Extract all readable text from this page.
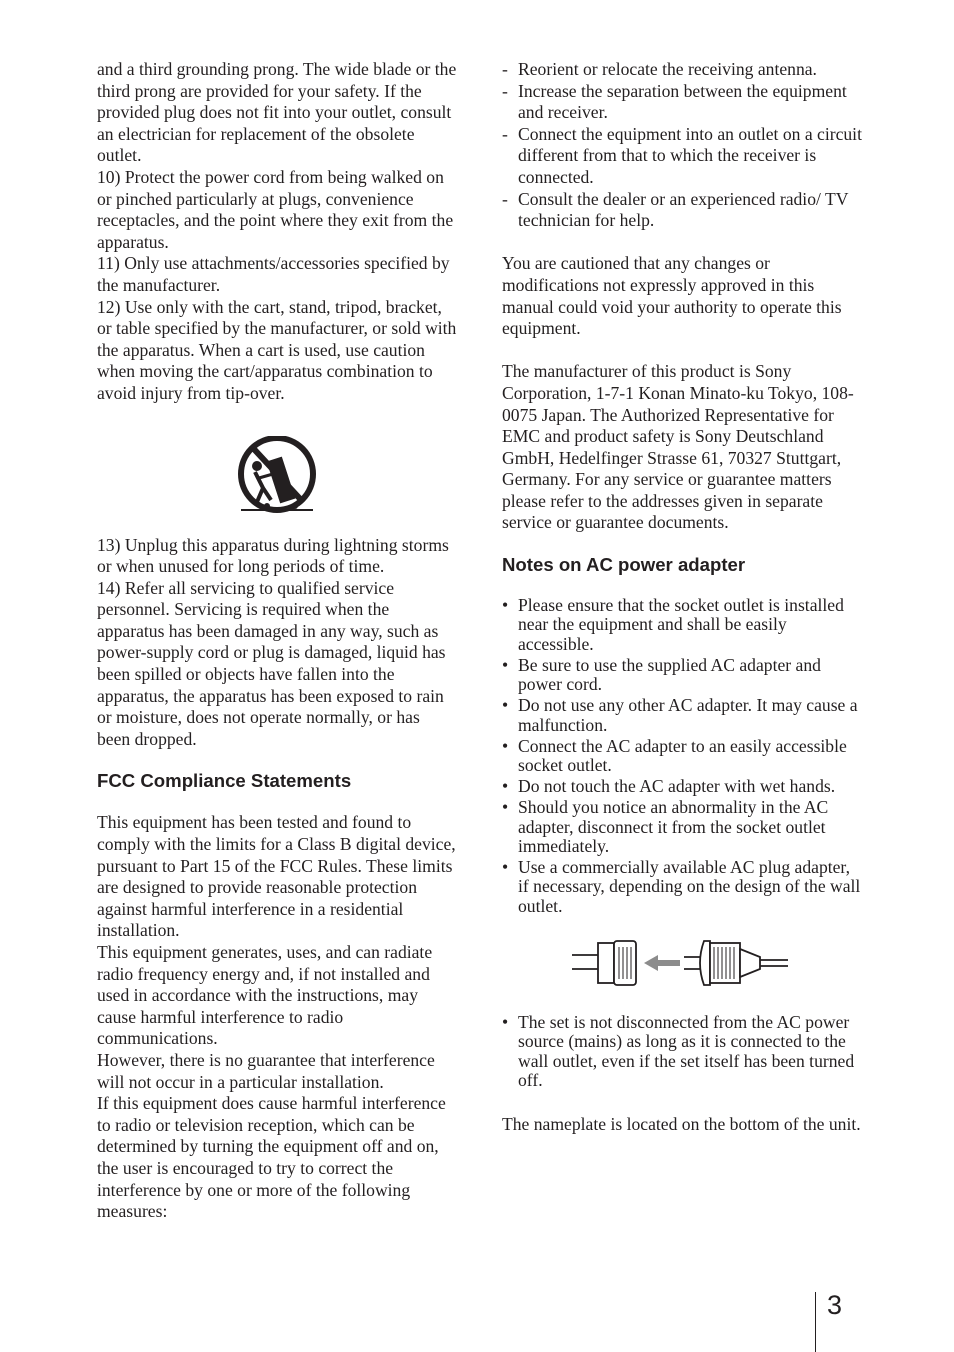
and a third grounding prong. The wide blade or the third prong are provided for your safety. If the provided plug does not fit into your outlet, consult an electrician for replacement of the obsolete outlet.

10) Protect the power cord from being walked on or pinched particularly at plugs, convenience receptacles, and the point where they exit from the apparatus.

11) Only use attachments/accessories specified by the manufacturer.

12) Use only with the cart, stand, tripod, bracket, or table specified by the manufacturer, or sold with the apparatus. When a cart is used, use caution when moving the cart/apparatus combination to avoid injury from tip-over.

13) Unplug this apparatus during lightning storms or when unused for long periods of time.

14) Refer all servicing to qualified service personnel. Servicing is required when the apparatus has been damaged in any way, such as power-supply cord or plug is damaged, liquid has been spilled or objects have fallen into the apparatus, the apparatus has been exposed to rain or moisture, does not operate normally, or has been dropped.

FCC Compliance Statements

This equipment has been tested and found to comply with the limits for a Class B digital device, pursuant to Part 15 of the FCC Rules. These limits are designed to provide reasonable protection against harmful interference in a residential installation.

This equipment generates, uses, and can radiate radio frequency energy and, if not installed and used in accordance with the instructions, may cause harmful interference to radio communications.

However, there is no guarantee that interference will not occur in a particular installation.

If this equipment does cause harmful interference to radio or television reception, which can be determined by turning the equipment off and on, the user is encouraged to try to correct the interference by one or more of the following measures:

- Reorient or relocate the receiving antenna.
- Increase the separation between the equipment and receiver.
- Connect the equipment into an outlet on a circuit different from that to which the receiver is connected.
- Consult the dealer or an experienced radio/ TV technician for help.

You are cautioned that any changes or modifications not expressly approved in this manual could void your authority to operate this equipment.

The manufacturer of this product is Sony Corporation, 1-7-1 Konan Minato-ku Tokyo, 108-0075 Japan. The Authorized Representative for EMC and product safety is Sony Deutschland GmbH, Hedelfinger Strasse 61, 70327 Stuttgart, Germany. For any service or guarantee matters please refer to the addresses given in separate service or guarantee documents.

Notes on AC power adapter
• Please ensure that the socket outlet is installed near the equipment and shall be easily accessible.
• Be sure to use the supplied AC adapter and power cord.
• Do not use any other AC adapter. It may cause a malfunction.
• Connect the AC adapter to an easily accessible socket outlet.
• Do not touch the AC adapter with wet hands.
• Should you notice an abnormality in the AC adapter, disconnect it from the socket outlet immediately.
• Use a commercially available AC plug adapter, if necessary, depending on the design of the wall outlet.
• The set is not disconnected from the AC power source (mains) as long as it is connected to the wall outlet, even if the set itself has been turned off.

The nameplate is located on the bottom of the unit.

3
